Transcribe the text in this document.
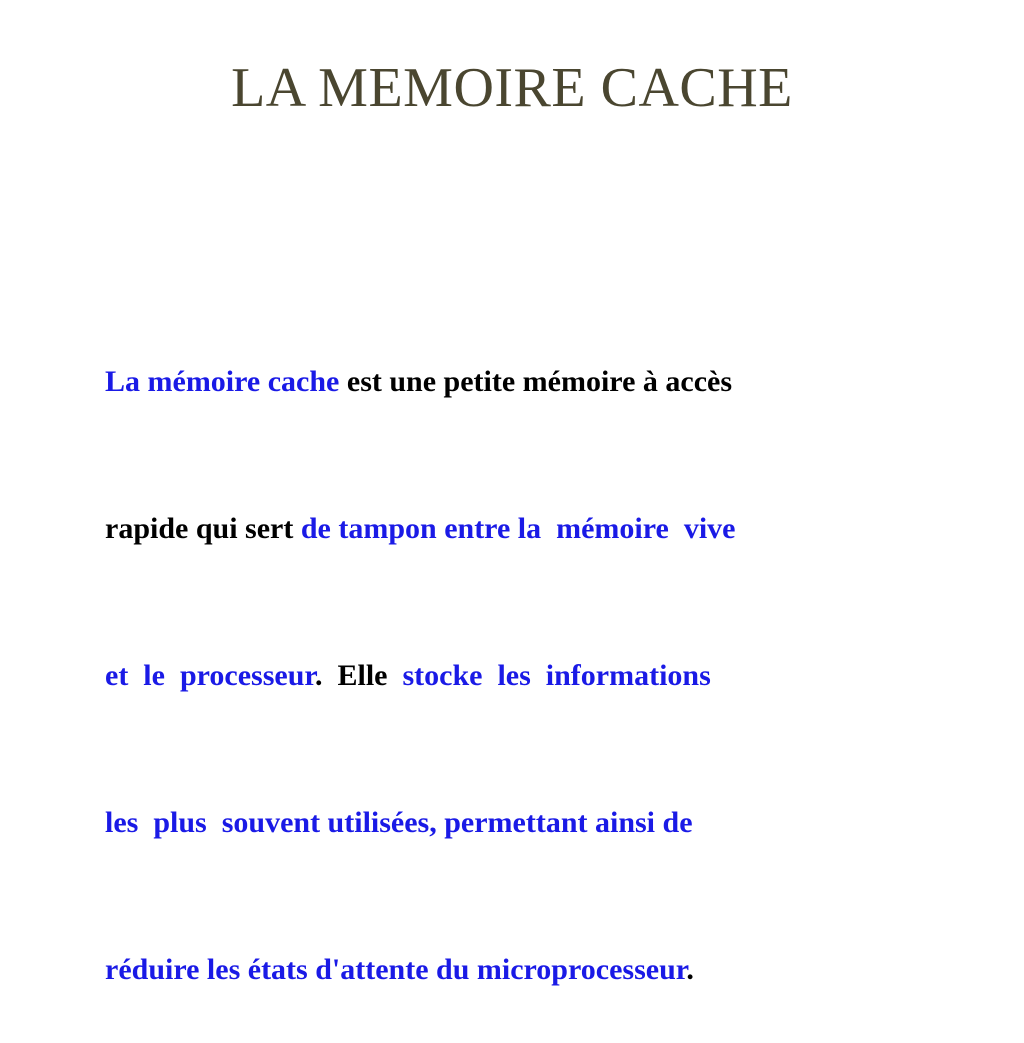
LA MEMOIRE CACHE

La mémoire cache est une petite mémoire à accès

rapide qui sert de tampon entre la  mémoire  vive

et  le  processeur.  Elle  stocke  les  informations

les  plus  souvent utilisées, permettant ainsi de

réduire les états d'attente du microprocesseur.
